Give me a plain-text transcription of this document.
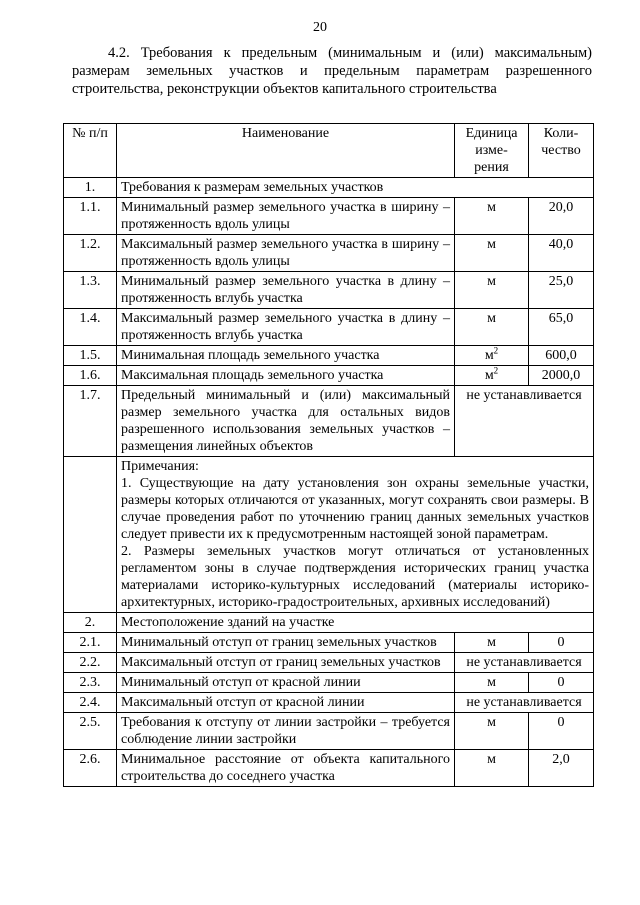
20
4.2. Требования к предельным (минимальным и (или) максимальным) размерам земельных участков и предельным параметрам разрешенного строительства, реконструкции объектов капитального строительства
№ п/п	Наименование	Единица изме-рения	Коли-чество
1.	Требования к размерам земельных участков		
1.1.	Минимальный размер земельного участка в ширину – протяженность вдоль улицы	м	20,0
1.2.	Максимальный размер земельного участка в ширину – протяженность вдоль улицы	м	40,0
1.3.	Минимальный размер земельного участка в длину – протяженность вглубь участка	м	25,0
1.4.	Максимальный размер земельного участка в длину – протяженность вглубь участка	м	65,0
1.5.	Минимальная площадь земельного участка	$м^2$	600,0
1.6.	Максимальная площадь земельного участка	$м^2$	2000,0
1.7.	Предельный минимальный и (или) максимальный размер земельного участка для остальных видов разрешенного использования земельных участков – размещения линейных объектов	не устанавливается	

	Примечания:

1. Существующие на дату установления зон охраны земельные участки, размеры которых отличаются от указанных, могут сохранять свои размеры. В случае проведения работ по уточнению границ данных земельных участков следует привести их к предусмотренным настоящей зоной параметрам.

2. Размеры земельных участков могут отличаться от установленных регламентом зоны в случае подтверждения исторических границ участка материалами историко-культурных исследований (материалы историко-архитектурных, историко-градостроительных, архивных исследований)		

2.	Местоположение зданий на участке		
2.1.	Минимальный отступ от границ земельных участков	м	0
2.2.	Максимальный отступ от границ земельных участков	не устанавливается	
2.3.	Минимальный отступ от красной линии	м	0
2.4.	Максимальный отступ от красной линии	не устанавливается	
2.5.	Требования к отступу от линии застройки – требуется соблюдение линии застройки	м	0
2.6.	Минимальное расстояние от объекта капитального строительства до соседнего участка	м	2,0
